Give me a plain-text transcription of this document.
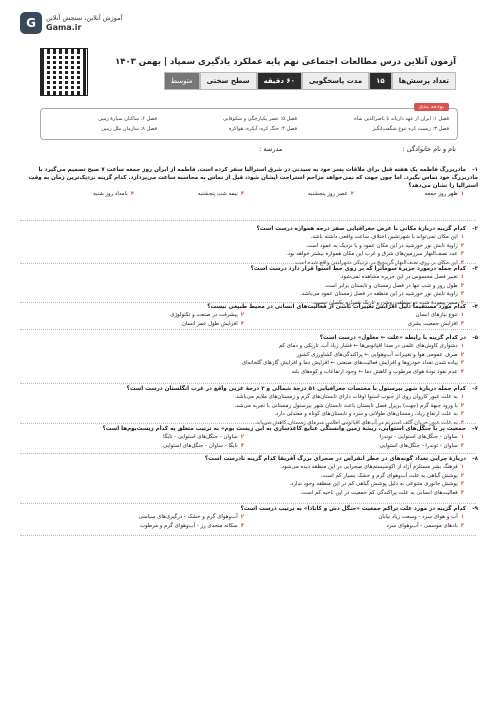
G	آموزش آنلاین، سنجش آنلاین
Gama.ir
آزمون آنلاین درس مطالعات اجتماعی نهم پایه عملکرد یادگیری سمپاد | بهمن ۱۴۰۳
تعداد پرسش‌ها
۱۵
مدت پاسخگویی
۶۰ دقیقه
سطح سختی
متوسط
بودجه بندی
فصل ۱: ایران از عهد داریانه تا ناصرالدین شاه
فصل ۵: عصر یکپارچگی و شکوفایی
فصل ۶: ساکنان سیارهٔ زمین
فصل ۳: زیست کره تنوع شگفت‌انگیز
فصل ۴: جنگ کره، آبکره، هواکره
فصل ۸: سازمان ملل زمین
نام و نام خانوادگی :
مدرسه :
۱-مادربزرگ فاطمه یک هفته قبل برای ملاقات پسر خود به سیدنی در شرق استرالیا سفر کرده است. فاطمه از ایران روز جمعه ساعت ۷ صبح تصمیم می‌گیرد با مادربزرگ خود تماس بگیرد. اما چون جهت که نمی‌خواهد مزاحم استراحت ایشان شود، قبل از تماس به محاسبه ساعت می‌پردازد. کدام گزینه نزدیک‌ترین زمان به وقت استرالیا را نشان می‌دهد؟
۱ظهر روز جمعه
۲عصر روز پنجشنبه
۳نیمه شب پنجشنبه
۴بامداد روز شنبه
۲-کدام گزینه دربارهٔ مکانی با عرض جغرافیایی صفر درجه همواره درست است؟
۱این مکان نمی‌تواند با شهرتشین اختلاف ساعت واقعی داشته باشد.
۲زاویهٔ تابش نور خورشید در این مکان عمود و یا نزدیک به عمود است.
۳عدد نصف‌النهار سرزمین‌های شرق و غرب این مکان همواره بیشتر خواهد بود.
۴این مکان بر روی نصف‌النهار گرینویچ در نزدیکی شهرلندن واقع شده است.
۳-کدام جمله درمورد جزیرهٔ سوماترا که بر روی خط استوا قرار دارد درست است؟
۱تغییر فصل محسوس در این جزیره مشاهده نمی‌شود.
۲طول روز و شب تنها در فصل زمستان و تابستان برابر است.
۳زاویهٔ تابش نور خورشید در این منطقه در فصل زمستان عمود می‌باشد.
۴ممیر پیمودهٔ شده دو منطقه روشن و تاریک همواره یکسان نیست.
۴-کدام مورد مستقیماً دلیل افزایش تغییرات ناشی از فعالیت‌های انسانی در محیط طبیعی نیست؟
۱تنوع نیازهای انسان
۲پیشرفت در صنعت و تکنولوژی
۳افزایش جمعیت بشری
۴افزایش طول عمر انسان
۵-در کدام گزینه با رابطه «علت ← معلول» درست است؟
۱دشواری کاوش‌های علمی در صدا اقیانوس‌ها ← فشار زیاد آب، تاریکی و دمای کم
۲صرف عمومی هوا و تغییرات آب‌وهوایی ← پراکندگی‌های کشاورزی کشور
۳پیاده شدن تعداد خودروها و افزایش فعالیت‌های صنعتی ← افزایش دما و افزایش گازهای گلخانه‌ای
۴عدم نفوذ تودهٔ هوای مرطوب و کاهش دما ← وجود ارتفاعات و کوه‌های بلند
۶-کدام جمله دربارهٔ شهر بیرستول با مختصات جغرافیایی ۵۱ درجهٔ شمالی و ۲ درجهٔ غربی واقع در غرب انگلستان درست است؟
۱به علت عبور کاروان روی از جنوب استوا اوقات دارای تابستان‌های گرم و زمستان‌های ملایم می‌باشد.
۲با ورود جبههٔ گرم (جهت) بریزل فصل تابستان باعث تابستان شهر بیرستول زمستانی با تجربه می‌شد.
۳به علت ارتفاع زیاد، زمستان‌های طولانی و سرد و تابستان‌های کوتاه و معتدلی دارد.
۴به علت عبور جریان گلف استریم در آب‌های اقیانوس اطلس سرمای زمستان کاهش می‌یابد.
۷-جمعیت پر با جنگل‌های استوایی، ریشهٔ زمین وابستگی عنایع کاغذسازی به این زیست بوم» به ترتیب متعلق به کدام زیست‌بوم‌ها است؟
۱ساوان - جنگل‌های استوایی - توندرا
۲ساوان - جنگل‌های استوایی - تایگا
۳ساوان - توندرا - جنگل‌های استوایی
۴تایگا - ساوان - جنگل‌های استوایی
۸-دربارهٔ چرایی تعداد گونه‌های در خطر انقراض در صحرای بزرگ آفریقا کدام گزینه نادرست است؟
۱فرهنگ بشر مستلزم آزاد از اکوسیستم‌های صحرایی در این منطقه دیده می‌شود.
۲پوشش گیاهی به علت آب‌وهوای گرم و خشک بسیار کم است.
۳پوشش جانوری متنوعی به دلیل پوشش گیاهی کم در این منطقه وجود ندارد.
۴فعالیت‌های انسانی به علت پراکندگی کم جمعیت در این ناحیه کم است.
۹-کدام گزینه در مورد علت تراکم جمعیت «جنگل دش و کانادا» به ترتیب درست است؟
۱آب و هوای سرد - وسعت زیاد بیابان
۲آب‌وهوای گرم و خشک - درگیری‌های سیاسی
۳بادهای موسمی - آب‌وهوای سرد
۴سکانه متحدی رز - آب‌وهوای گرم و مرطوب
